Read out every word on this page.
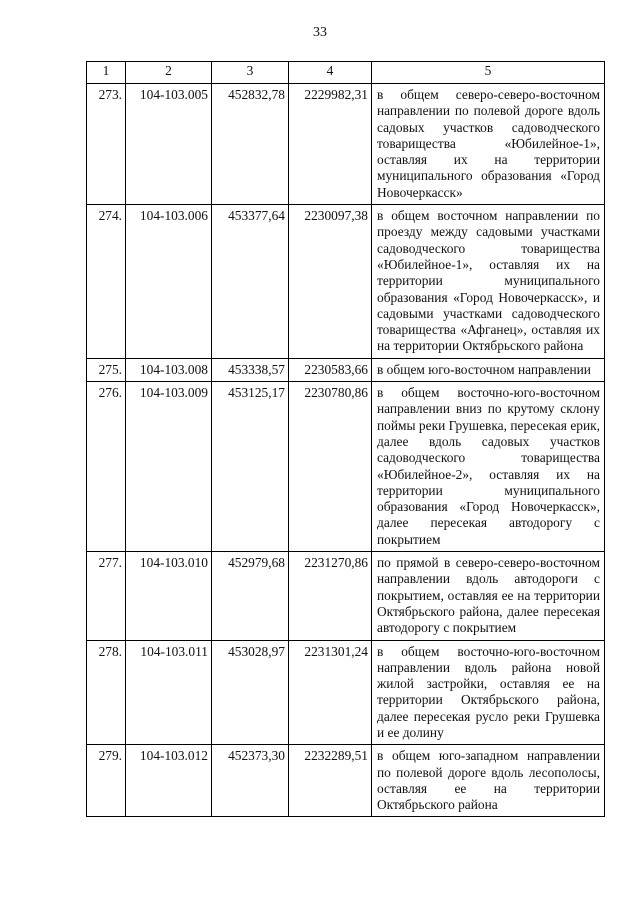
33
1	2	3	4	5
273.	104-103.005	452832,78	2229982,31	в общем северо-северо-восточном направлении по полевой дороге вдоль садовых участков садоводческого товарищества «Юбилейное-1», оставляя их на территории муниципального образования «Город Новочеркасск»
274.	104-103.006	453377,64	2230097,38	в общем восточном направлении по проезду между садовыми участками садоводческого товарищества «Юбилейное-1», оставляя их на территории муниципального образования «Город Новочеркасск», и садовыми участками садоводческого товарищества «Афганец», оставляя их на территории Октябрьского района
275.	104-103.008	453338,57	2230583,66	в общем юго-восточном направлении
276.	104-103.009	453125,17	2230780,86	в общем восточно-юго-восточном направлении вниз по крутому склону поймы реки Грушевка, пересекая ерик, далее вдоль садовых участков садоводческого товарищества «Юбилейное-2», оставляя их на территории муниципального образования «Город Новочеркасск», далее пересекая автодорогу с покрытием
277.	104-103.010	452979,68	2231270,86	по прямой в северо-северо-восточном направлении вдоль автодороги с покрытием, оставляя ее на территории Октябрьского района, далее пересекая автодорогу с покрытием
278.	104-103.011	453028,97	2231301,24	в общем восточно-юго-восточном направлении вдоль района новой жилой застройки, оставляя ее на территории Октябрьского района, далее пересекая русло реки Грушевка и ее долину
279.	104-103.012	452373,30	2232289,51	в общем юго-западном направлении по полевой дороге вдоль лесополосы, оставляя ее на территории Октябрьского района
